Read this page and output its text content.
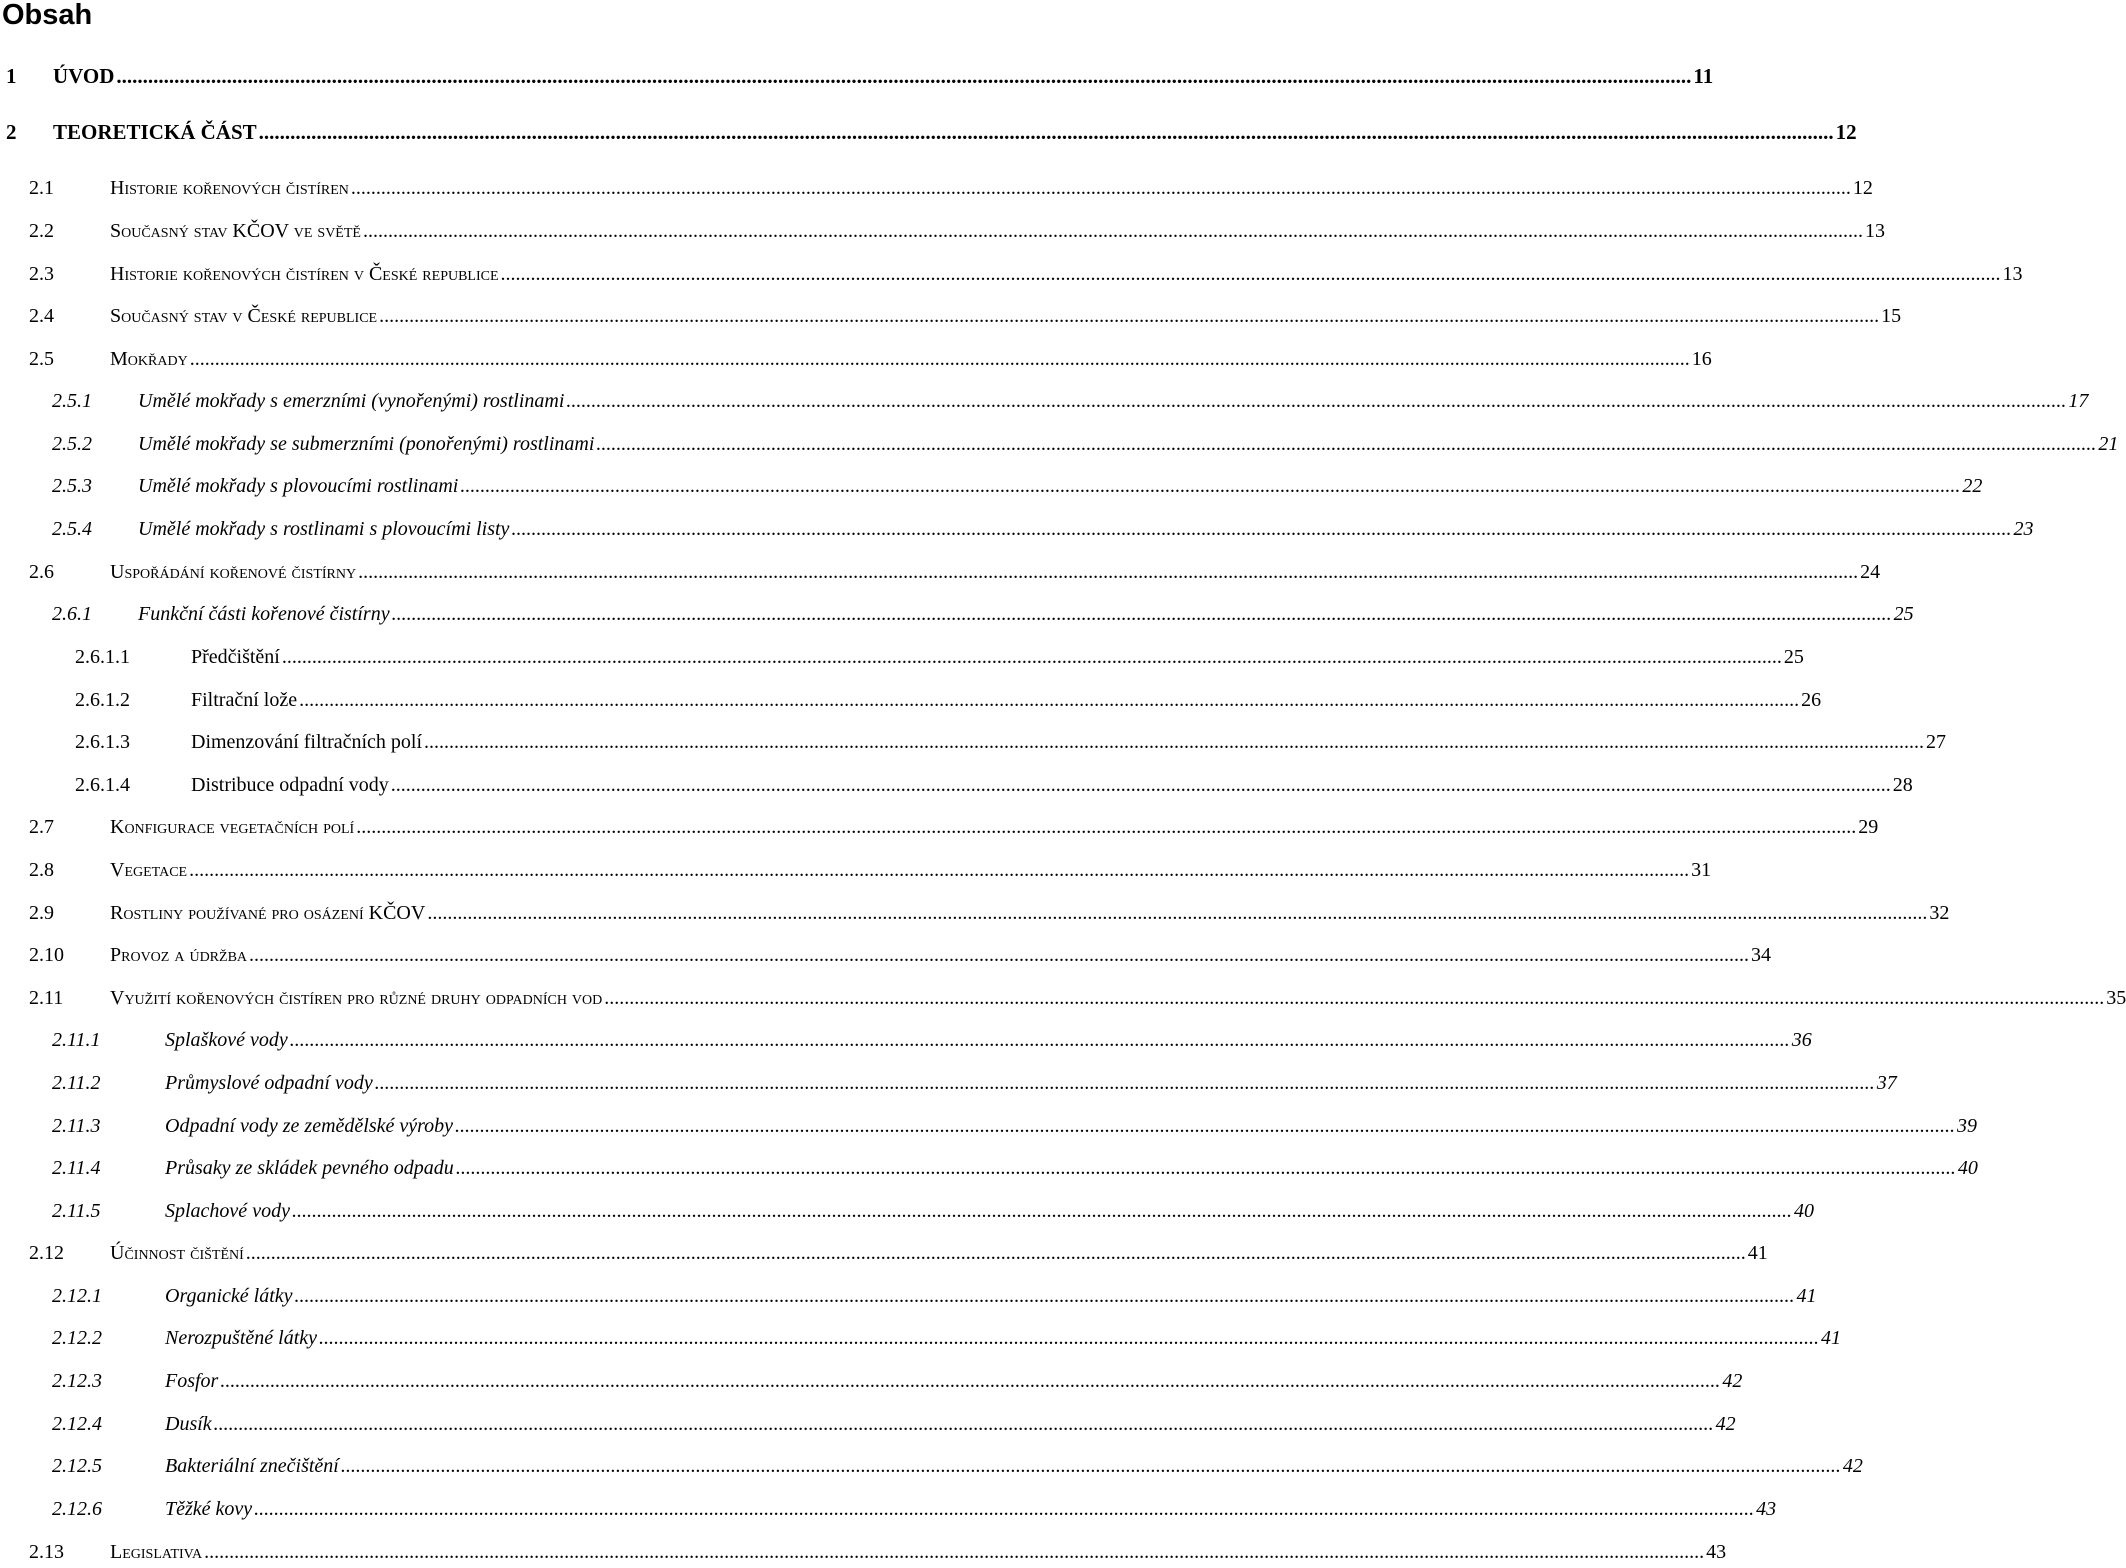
Obsah
1 ÚVOD ............................................................................................................................................................................................................................................................................................................ 11
2 TEORETICKÁ ČÁST ............................................................................................................................................................................................................................................................................................................ 12
2.1	Historie kořenových čistíren ............................................................................................................................................................................................................................................................................................................ 12
2.2	Současný stav KČOV ve světě ............................................................................................................................................................................................................................................................................................................ 13
2.3	Historie kořenových čistíren v České republice ............................................................................................................................................................................................................................................................................................................ 13
2.4	Současný stav v České republice ............................................................................................................................................................................................................................................................................................................ 15
2.5	Mokřady ............................................................................................................................................................................................................................................................................................................ 16
2.5.1 Umělé mokřady s emerzními (vynořenými) rostlinami ............................................................................................................................................................................................................................................................................................................ 17
2.5.2 Umělé mokřady se submerzními (ponořenými) rostlinami ............................................................................................................................................................................................................................................................................................................ 21
2.5.3 Umělé mokřady s plovoucími rostlinami ............................................................................................................................................................................................................................................................................................................ 22
2.5.4 Umělé mokřady s rostlinami s plovoucími listy ............................................................................................................................................................................................................................................................................................................ 23
2.6	Uspořádání kořenové čistírny ............................................................................................................................................................................................................................................................................................................ 24
2.6.1 Funkční části kořenové čistírny ............................................................................................................................................................................................................................................................................................................ 25
2.6.1.1	Předčištění ............................................................................................................................................................................................................................................................................................................ 25
2.6.1.2	Filtrační lože ............................................................................................................................................................................................................................................................................................................ 26
2.6.1.3	Dimenzování filtračních polí ............................................................................................................................................................................................................................................................................................................ 27
2.6.1.4	Distribuce odpadní vody ............................................................................................................................................................................................................................................................................................................ 28
2.7	Konfigurace vegetačních polí ............................................................................................................................................................................................................................................................................................................ 29
2.8	Vegetace ............................................................................................................................................................................................................................................................................................................ 31
2.9	Rostliny používané pro osázení KČOV ............................................................................................................................................................................................................................................................................................................ 32
2.10 Provoz a údržba ............................................................................................................................................................................................................................................................................................................ 34
2.11 Využití kořenových čistíren pro různé druhy odpadních vod ............................................................................................................................................................................................................................................................................................................ 35
2.11.1	Splaškové vody ............................................................................................................................................................................................................................................................................................................ 36
2.11.2	Průmyslové odpadní vody ............................................................................................................................................................................................................................................................................................................ 37
2.11.3	Odpadní vody ze zemědělské výroby ............................................................................................................................................................................................................................................................................................................ 39
2.11.4	Průsaky ze skládek pevného odpadu ............................................................................................................................................................................................................................................................................................................ 40
2.11.5	Splachové vody ............................................................................................................................................................................................................................................................................................................ 40
2.12 Účinnost čištění ............................................................................................................................................................................................................................................................................................................ 41
2.12.1	Organické látky ............................................................................................................................................................................................................................................................................................................ 41
2.12.2	Nerozpuštěné látky ............................................................................................................................................................................................................................................................................................................ 41
2.12.3	Fosfor ............................................................................................................................................................................................................................................................................................................ 42
2.12.4	Dusík ............................................................................................................................................................................................................................................................................................................ 42
2.12.5	Bakteriální znečištění ............................................................................................................................................................................................................................................................................................................ 42
2.12.6	Těžké kovy ............................................................................................................................................................................................................................................................................................................ 43
2.13 Legislativa ............................................................................................................................................................................................................................................................................................................ 43
